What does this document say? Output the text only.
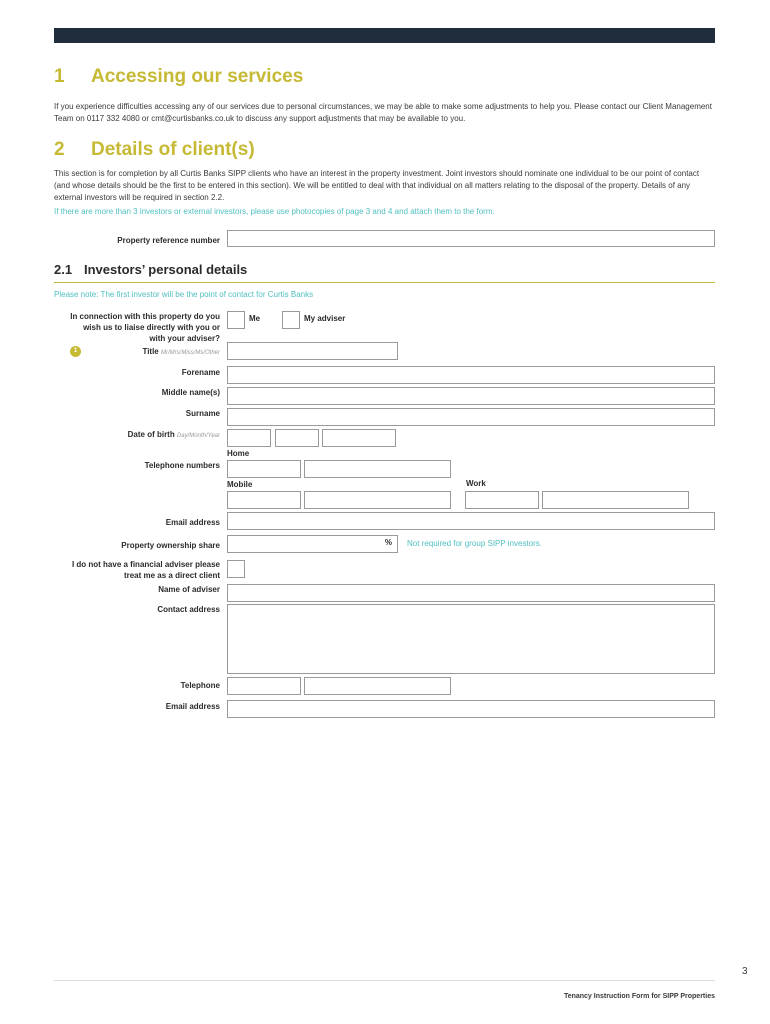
1 Accessing our services
If you experience difficulties accessing any of our services due to personal circumstances, we may be able to make some adjustments to help you. Please contact our Client Management Team on 0117 332 4080 or cmt@curtisbanks.co.uk to discuss any support adjustments that may be available to you.
2 Details of client(s)
This section is for completion by all Curtis Banks SIPP clients who have an interest in the property investment. Joint investors should nominate one individual to be our point of contact (and whose details should be the first to be entered in this section). We will be entitled to deal with that individual on all matters relating to the disposal of the property. Details of any external investors will be required in section 2.2.
If there are more than 3 investors or external investors, please use photocopies of page 3 and 4 and attach them to the form.
Property reference number
2.1 Investors’ personal details
Please note: The first investor will be the point of contact for Curtis Banks
In connection with this property do you wish us to liaise directly with you or with your adviser?
Me	My adviser
1	Title Mr/Mrs/Miss/Ms/Other
Forename
Middle name(s)
Surname
Date of birth Day/Month/Year
Telephone numbers
Home
Mobile	Work
Email address
Property ownership share	% Not required for group SIPP investors.
I do not have a financial adviser please treat me as a direct client
Name of adviser
Contact address
Telephone
Email address
3
Tenancy Instruction Form for SIPP Properties
